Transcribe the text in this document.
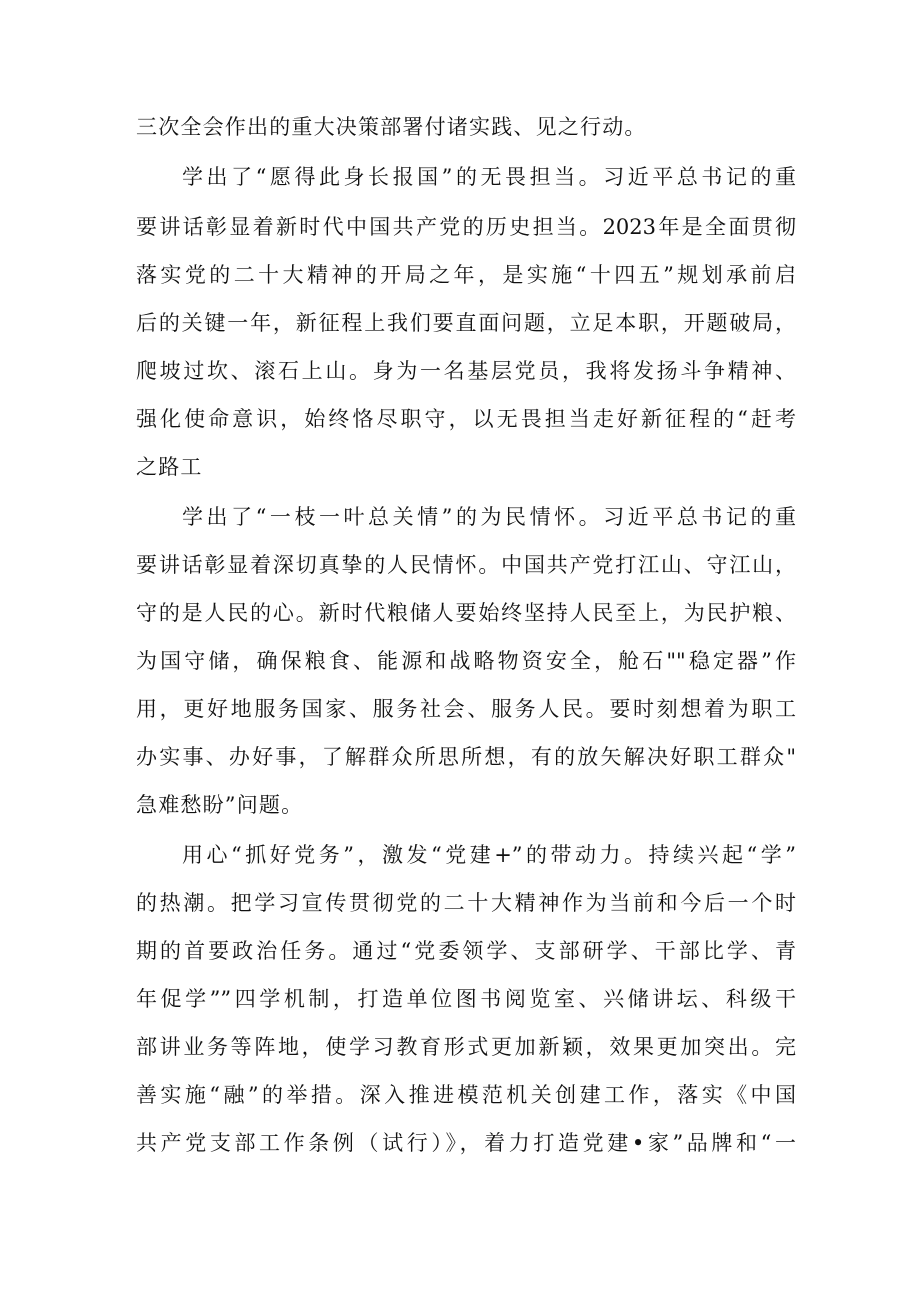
三次全会作出的重大决策部署付诸实践、见之行动。
学出了“愿得此身长报国”的无畏担当。习近平总书记的重
要讲话彰显着新时代中国共产党的历史担当。2023年是全面贯彻
落实党的二十大精神的开局之年，是实施“十四五”规划承前启
后的关键一年，新征程上我们要直面问题，立足本职，开题破局，
爬坡过坎、滚石上山。身为一名基层党员，我将发扬斗争精神、
强化使命意识，始终恪尽职守，以无畏担当走好新征程的“赶考
之路工
学出了“一枝一叶总关情”的为民情怀。习近平总书记的重
要讲话彰显着深切真挚的人民情怀。中国共产党打江山、守江山，
守的是人民的心。新时代粮储人要始终坚持人民至上，为民护粮、
为国守储，确保粮食、能源和战略物资安全，舱石""稳定器”作
用，更好地服务国家、服务社会、服务人民。要时刻想着为职工
办实事、办好事，了解群众所思所想，有的放矢解决好职工群众"
急难愁盼”问题。
用心“抓好党务”，激发“党建+”的带动力。持续兴起“学”
的热潮。把学习宣传贯彻党的二十大精神作为当前和今后一个时
期的首要政治任务。通过“党委领学、支部研学、干部比学、青
年促学””四学机制，打造单位图书阅览室、兴储讲坛、科级干
部讲业务等阵地，使学习教育形式更加新颖，效果更加突出。完
善实施“融”的举措。深入推进模范机关创建工作，落实《中国
共产党支部工作条例（试行）》，着力打造党建•家”品牌和“一
